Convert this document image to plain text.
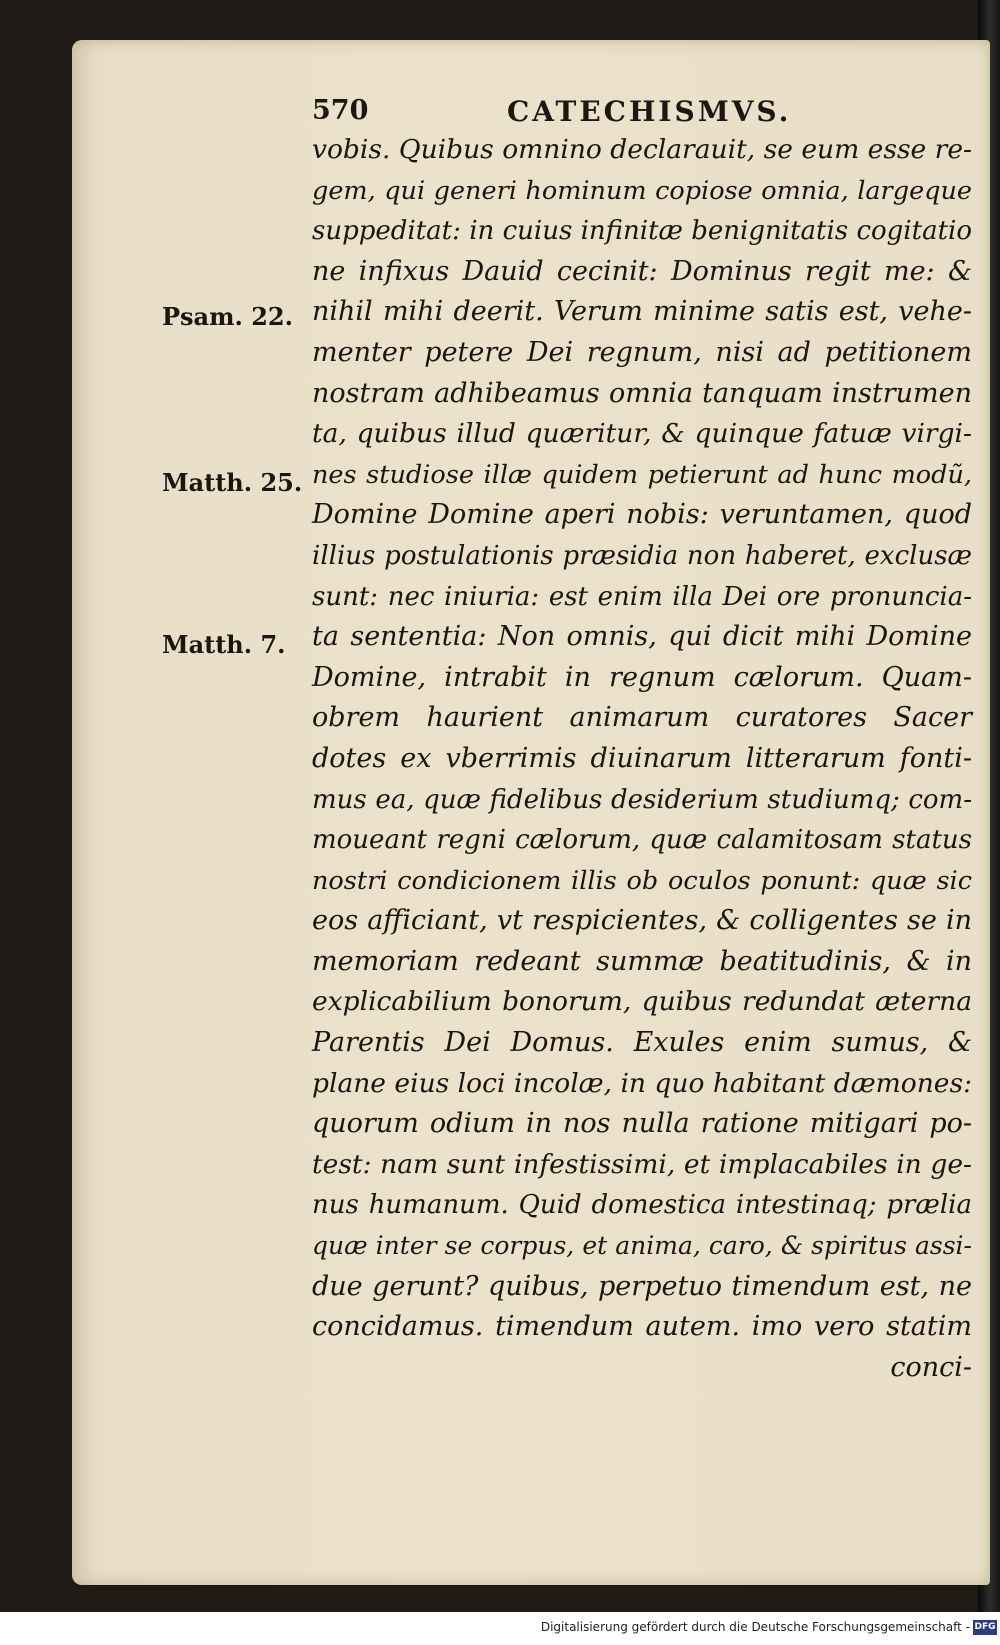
570	CATECHISMVS.
Psam. 22.
Matth. 25.
Matth. 7.
vobis. Quibus omnino declarauit, se eum esse re-
gem, qui generi hominum copiose omnia, largeque
suppeditat: in cuius infinitæ benignitatis cogitatio
ne infixus Dauid cecinit: Dominus regit me: &
nihil mihi deerit. Verum minime satis est, vehe-
menter petere Dei regnum, nisi ad petitionem
nostram adhibeamus omnia tanquam instrumen
ta, quibus illud quæritur, & quinque fatuæ virgi-
nes studiose illæ quidem petierunt ad hunc modũ,
Domine Domine aperi nobis: veruntamen, quod
illius postulationis præsidia non haberet, exclusæ
sunt: nec iniuria: est enim illa Dei ore pronuncia-
ta sententia: Non omnis, qui dicit mihi Domine
Domine, intrabit in regnum cælorum. Quam-
obrem haurient animarum curatores Sacer
dotes ex vberrimis diuinarum litterarum fonti-
mus ea, quæ fidelibus desiderium studiumq; com-
moueant regni cælorum, quæ calamitosam status
nostri condicionem illis ob oculos ponunt: quæ sic
eos afficiant, vt respicientes, & colligentes se in
memoriam redeant summæ beatitudinis, & in
explicabilium bonorum, quibus redundat æterna
Parentis Dei Domus. Exules enim sumus, &
plane eius loci incolæ, in quo habitant dæmones:
quorum odium in nos nulla ratione mitigari po-
test: nam sunt infestissimi, et implacabiles in ge-
nus humanum. Quid domestica intestinaq; prælia
quæ inter se corpus, et anima, caro, & spiritus assi-
due gerunt? quibus, perpetuo timendum est, ne
concidamus. timendum autem. imo vero statim
conci-
Digitalisierung gefördert durch die Deutsche Forschungsgemeinschaft - DFG
